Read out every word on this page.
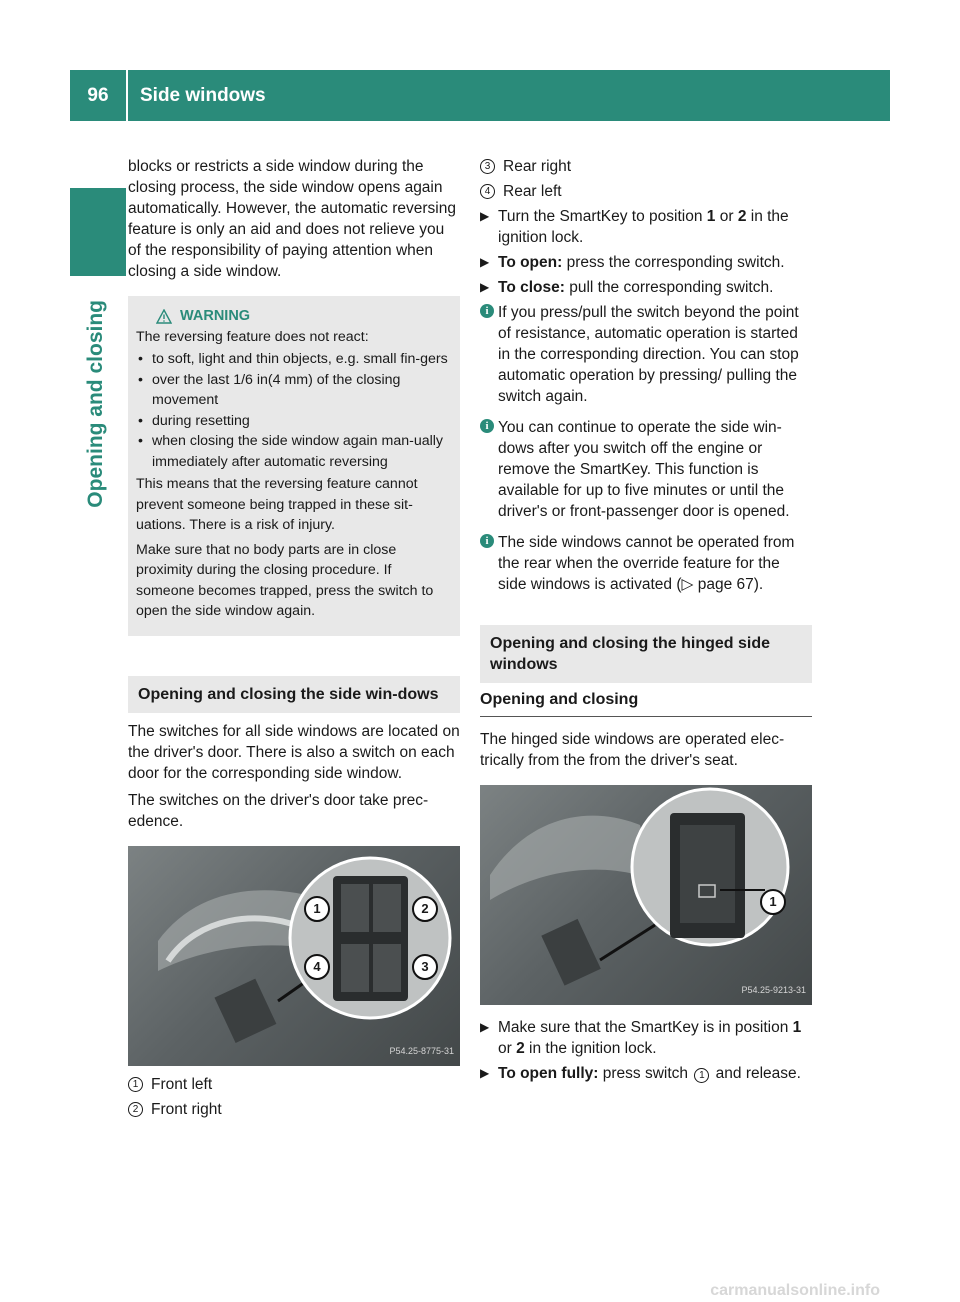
96	Side windows
Opening and closing

blocks or restricts a side window during the closing process, the side window opens again automatically. However, the automatic reversing feature is only an aid and does not relieve you of the responsibility of paying attention when closing a side window.

WARNING

The reversing feature does not react:

• to soft, light and thin objects, e.g. small fin-gers
• over the last 1/6 in(4 mm) of the closing movement
• during resetting
• when closing the side window again man-ually immediately after automatic reversing

This means that the reversing feature cannot prevent someone being trapped in these sit-uations. There is a risk of injury.

Make sure that no body parts are in close proximity during the closing procedure. If someone becomes trapped, press the switch to open the side window again.

Opening and closing the side win-dows

The switches for all side windows are located on the driver's door. There is also a switch on each door for the corresponding side window.

The switches on the driver's door take prec-edence.

1	2
3
4
P54.25-8775-31
1 Front left
2 Front right
3 Rear right
4 Rear left
▶ Turn the SmartKey to position 1 or 2 in the ignition lock.
▶ To open: press the corresponding switch.
▶ To close: pull the corresponding switch.
i If you press/pull the switch beyond the point of resistance, automatic operation is started in the corresponding direction. You can stop automatic operation by pressing/ pulling the switch again.
i You can continue to operate the side win-dows after you switch off the engine or remove the SmartKey. This function is available for up to five minutes or until the driver's or front-passenger door is opened.
i The side windows cannot be operated from the rear when the override feature for the side windows is activated (▷ page 67).
Opening and closing the hinged side windows
Opening and closing

The hinged side windows are operated elec-trically from the from the driver's seat.

1
P54.25-9213-31
▶ Make sure that the SmartKey is in position 1 or 2 in the ignition lock.
▶ To open fully: press switch 1 and release.
carmanualsonline.info
